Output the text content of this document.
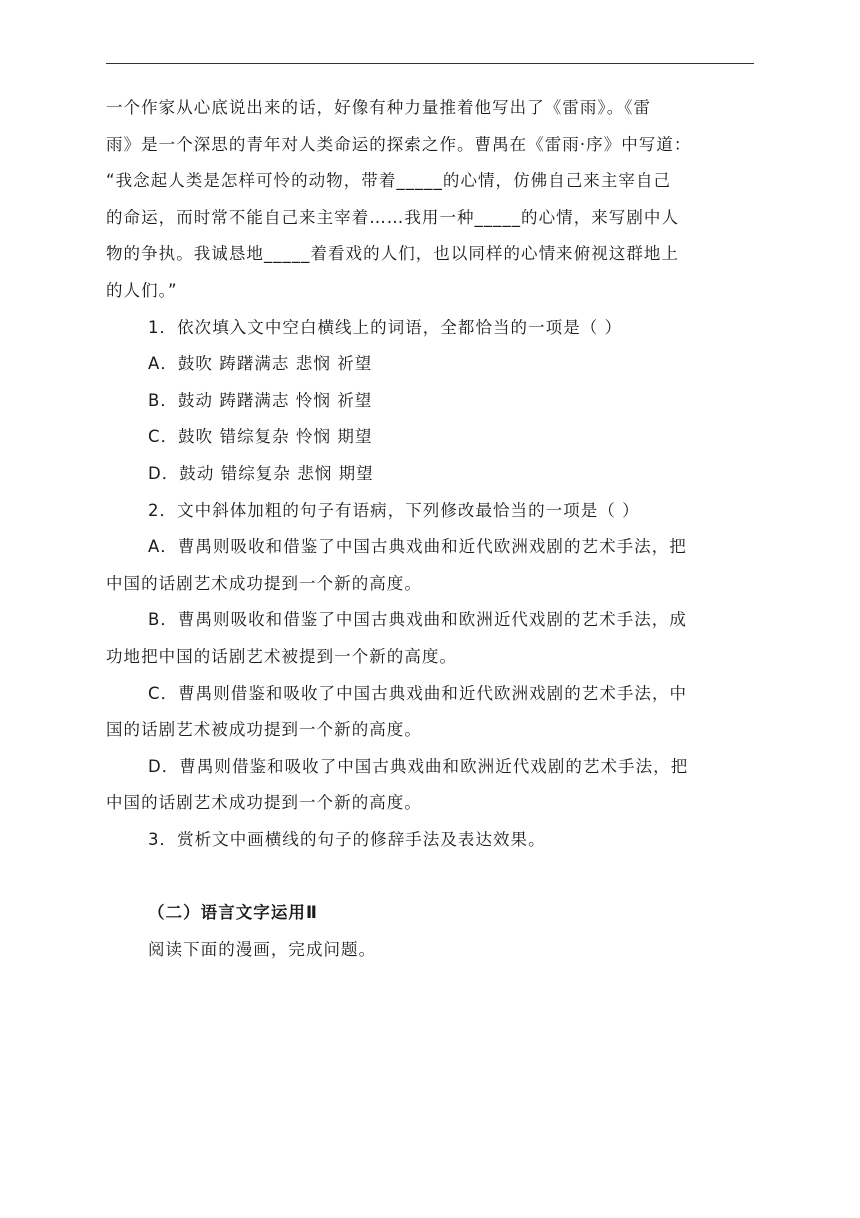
一个作家从心底说出来的话，好像有种力量推着他写出了《雷雨》。《雷
雨》是一个深思的青年对人类命运的探索之作。曹禺在《雷雨·序》中写道：
“我念起人类是怎样可怜的动物，带着_____的心情，仿佛自己来主宰自己
的命运，而时常不能自己来主宰着……我用一种_____的心情，来写剧中人
物的争执。我诚恳地_____着看戏的人们，也以同样的心情来俯视这群地上
的人们。”
1．依次填入文中空白横线上的词语，全都恰当的一项是（ ）
A．鼓吹 踌躇满志 悲悯 祈望
B．鼓动 踌躇满志 怜悯 祈望
C．鼓吹 错综复杂 怜悯 期望
D．鼓动 错综复杂 悲悯 期望
2．文中斜体加粗的句子有语病，下列修改最恰当的一项是（ ）
A．曹禺则吸收和借鉴了中国古典戏曲和近代欧洲戏剧的艺术手法，把
中国的话剧艺术成功提到一个新的高度。
B．曹禺则吸收和借鉴了中国古典戏曲和欧洲近代戏剧的艺术手法，成
功地把中国的话剧艺术被提到一个新的高度。
C．曹禺则借鉴和吸收了中国古典戏曲和近代欧洲戏剧的艺术手法，中
国的话剧艺术被成功提到一个新的高度。
D．曹禺则借鉴和吸收了中国古典戏曲和欧洲近代戏剧的艺术手法，把
中国的话剧艺术成功提到一个新的高度。
3．赏析文中画横线的句子的修辞手法及表达效果。
（二）语言文字运用Ⅱ
阅读下面的漫画，完成问题。
